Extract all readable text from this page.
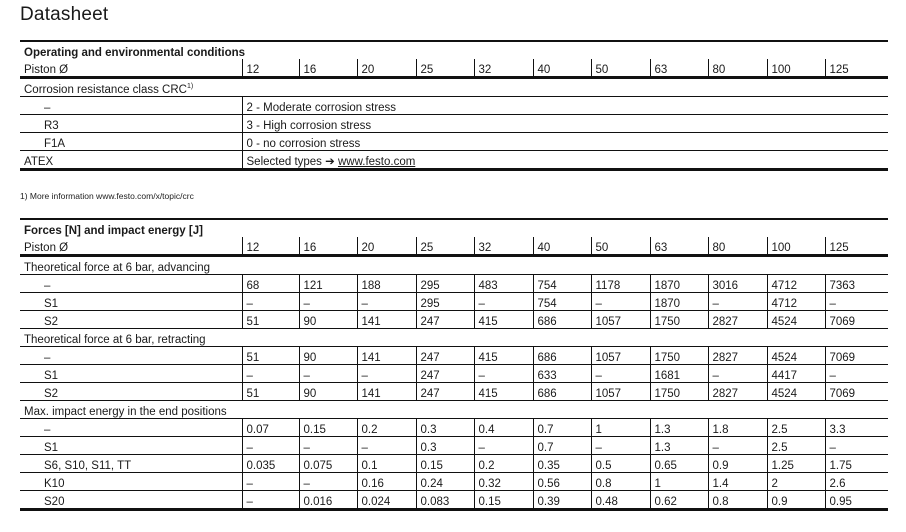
Datasheet
Operating and environmental conditions											
Piston Ø	12	16	20	25	32	40	50	63	80	100	125
Corrosion resistance class CRC$^{1)}$
–	2 - Moderate corrosion stress										
R3	3 - High corrosion stress										
F1A	0 - no corrosion stress										
ATEX	Selected types ➔ www.festo.com										
1) More information www.festo.com/x/topic/crc
Forces [N] and impact energy [J]											
Piston Ø	12	16	20	25	32	40	50	63	80	100	125
Theoretical force at 6 bar, advancing											
–	68	121	188	295	483	754	1178	1870	3016	4712	7363
S1	–	–	–	295	–	754	–	1870	–	4712	–
S2	51	90	141	247	415	686	1057	1750	2827	4524	7069
Theoretical force at 6 bar, retracting											
–	51	90	141	247	415	686	1057	1750	2827	4524	7069
S1	–	–	–	247	–	633	–	1681	–	4417	–
S2	51	90	141	247	415	686	1057	1750	2827	4524	7069
Max. impact energy in the end positions											
–	0.07	0.15	0.2	0.3	0.4	0.7	1	1.3	1.8	2.5	3.3
S1	–	–	–	0.3	–	0.7	–	1.3	–	2.5	–
S6, S10, S11, TT	0.035	0.075	0.1	0.15	0.2	0.35	0.5	0.65	0.9	1.25	1.75
K10	–	–	0.16	0.24	0.32	0.56	0.8	1	1.4	2	2.6
S20	–	0.016	0.024	0.083	0.15	0.39	0.48	0.62	0.8	0.9	0.95
